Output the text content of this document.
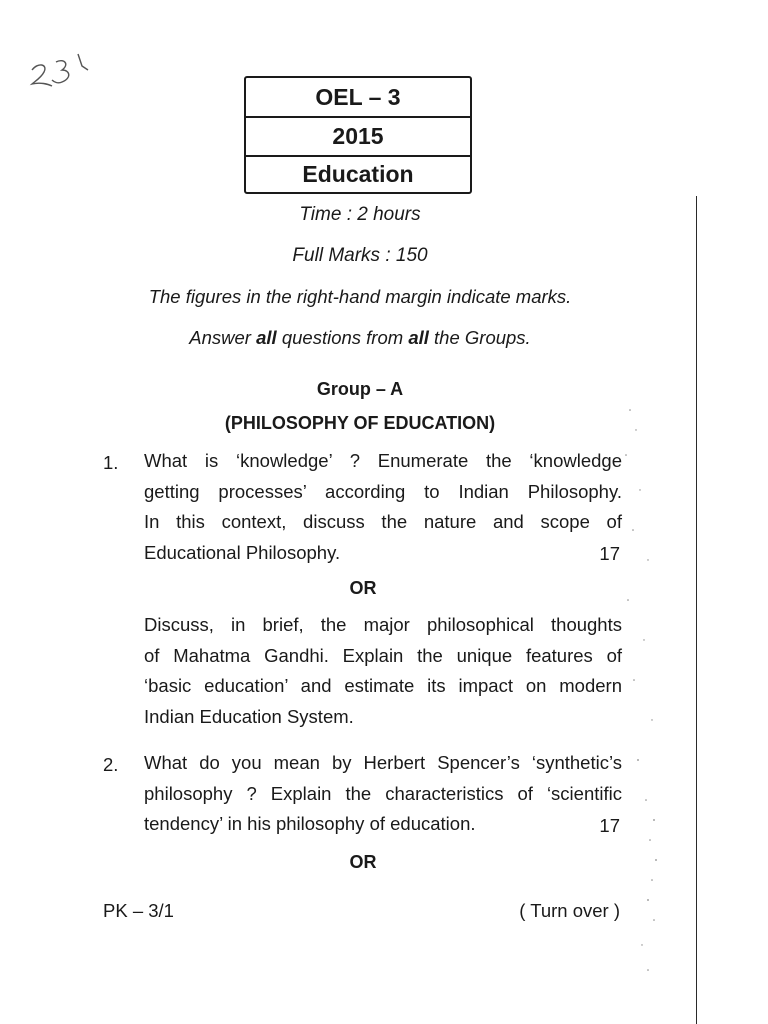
OEL – 3
2015
Education
Time : 2 hours
Full Marks : 150
The figures in the right-hand margin indicate marks.
Answer all questions from all the Groups.
Group – A
(PHILOSOPHY OF EDUCATION)
1. What is ‘knowledge’ ? Enumerate the ‘knowledge
getting processes’ according to Indian Philosophy.
In this context, discuss the nature and scope of
Educational Philosophy.	17
OR
Discuss, in brief, the major philosophical thoughts
of Mahatma Gandhi. Explain the unique features of
‘basic education’ and estimate its impact on modern
Indian Education System.
2. What do you mean by Herbert Spencer’s ‘synthetic’s
philosophy ? Explain the characteristics of ‘scientific
tendency’ in his philosophy of education.	17
OR
PK – 3/1	( Turn over )
